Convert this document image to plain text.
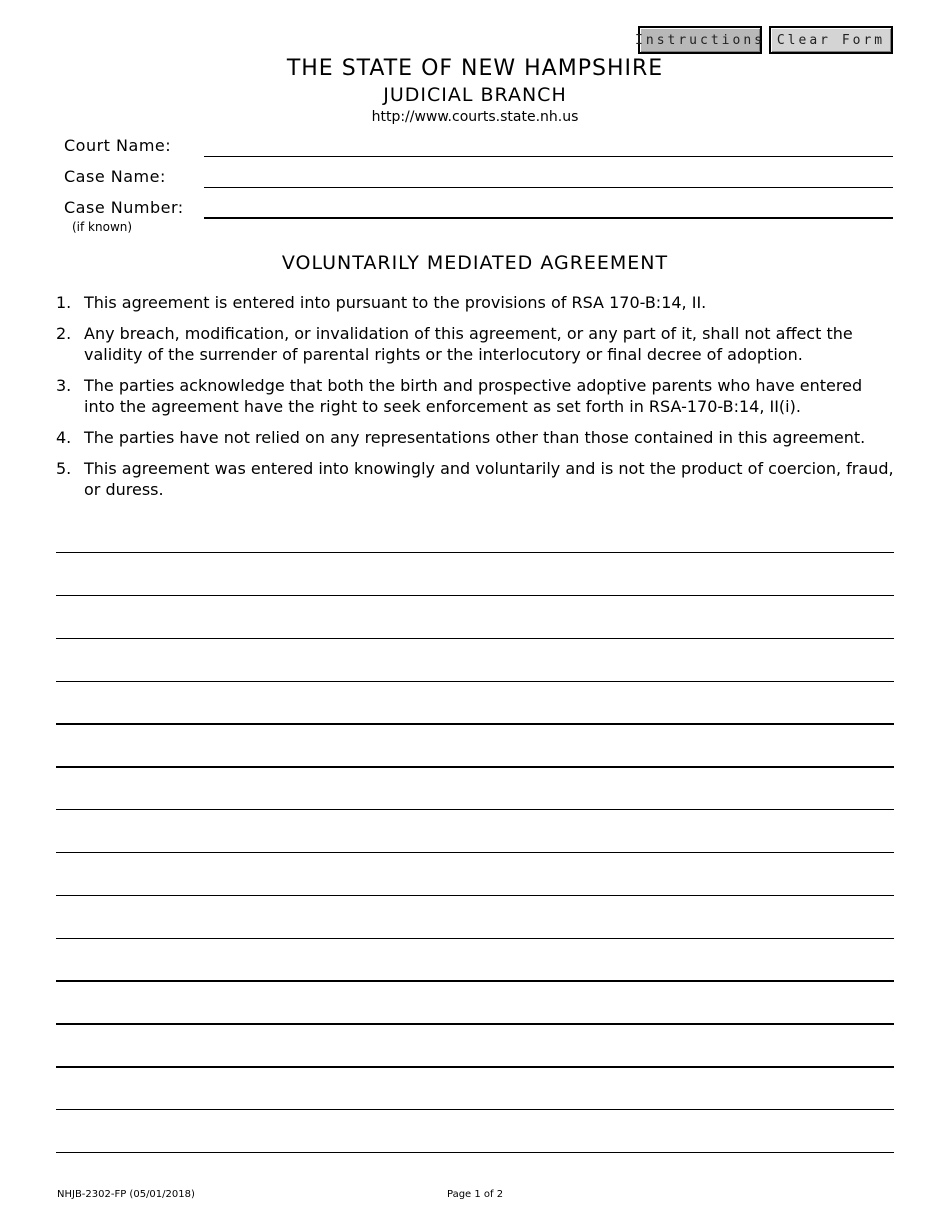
Instructions Clear Form
THE STATE OF NEW HAMPSHIRE
JUDICIAL BRANCH
http://www.courts.state.nh.us
Court Name:
Case Name:
Case Number:
(if known)
VOLUNTARILY MEDIATED AGREEMENT
1. This agreement is entered into pursuant to the provisions of RSA 170-B:14, II.
2. Any breach, modification, or invalidation of this agreement, or any part of it, shall not affect the validity of the surrender of parental rights or the interlocutory or final decree of adoption.
3. The parties acknowledge that both the birth and prospective adoptive parents who have entered into the agreement have the right to seek enforcement as set forth in RSA-170-B:14, II(i).
4. The parties have not relied on any representations other than those contained in this agreement.
5. This agreement was entered into knowingly and voluntarily and is not the product of coercion, fraud, or duress.
NHJB-2302-FP (05/01/2018)	Page 1 of 2
